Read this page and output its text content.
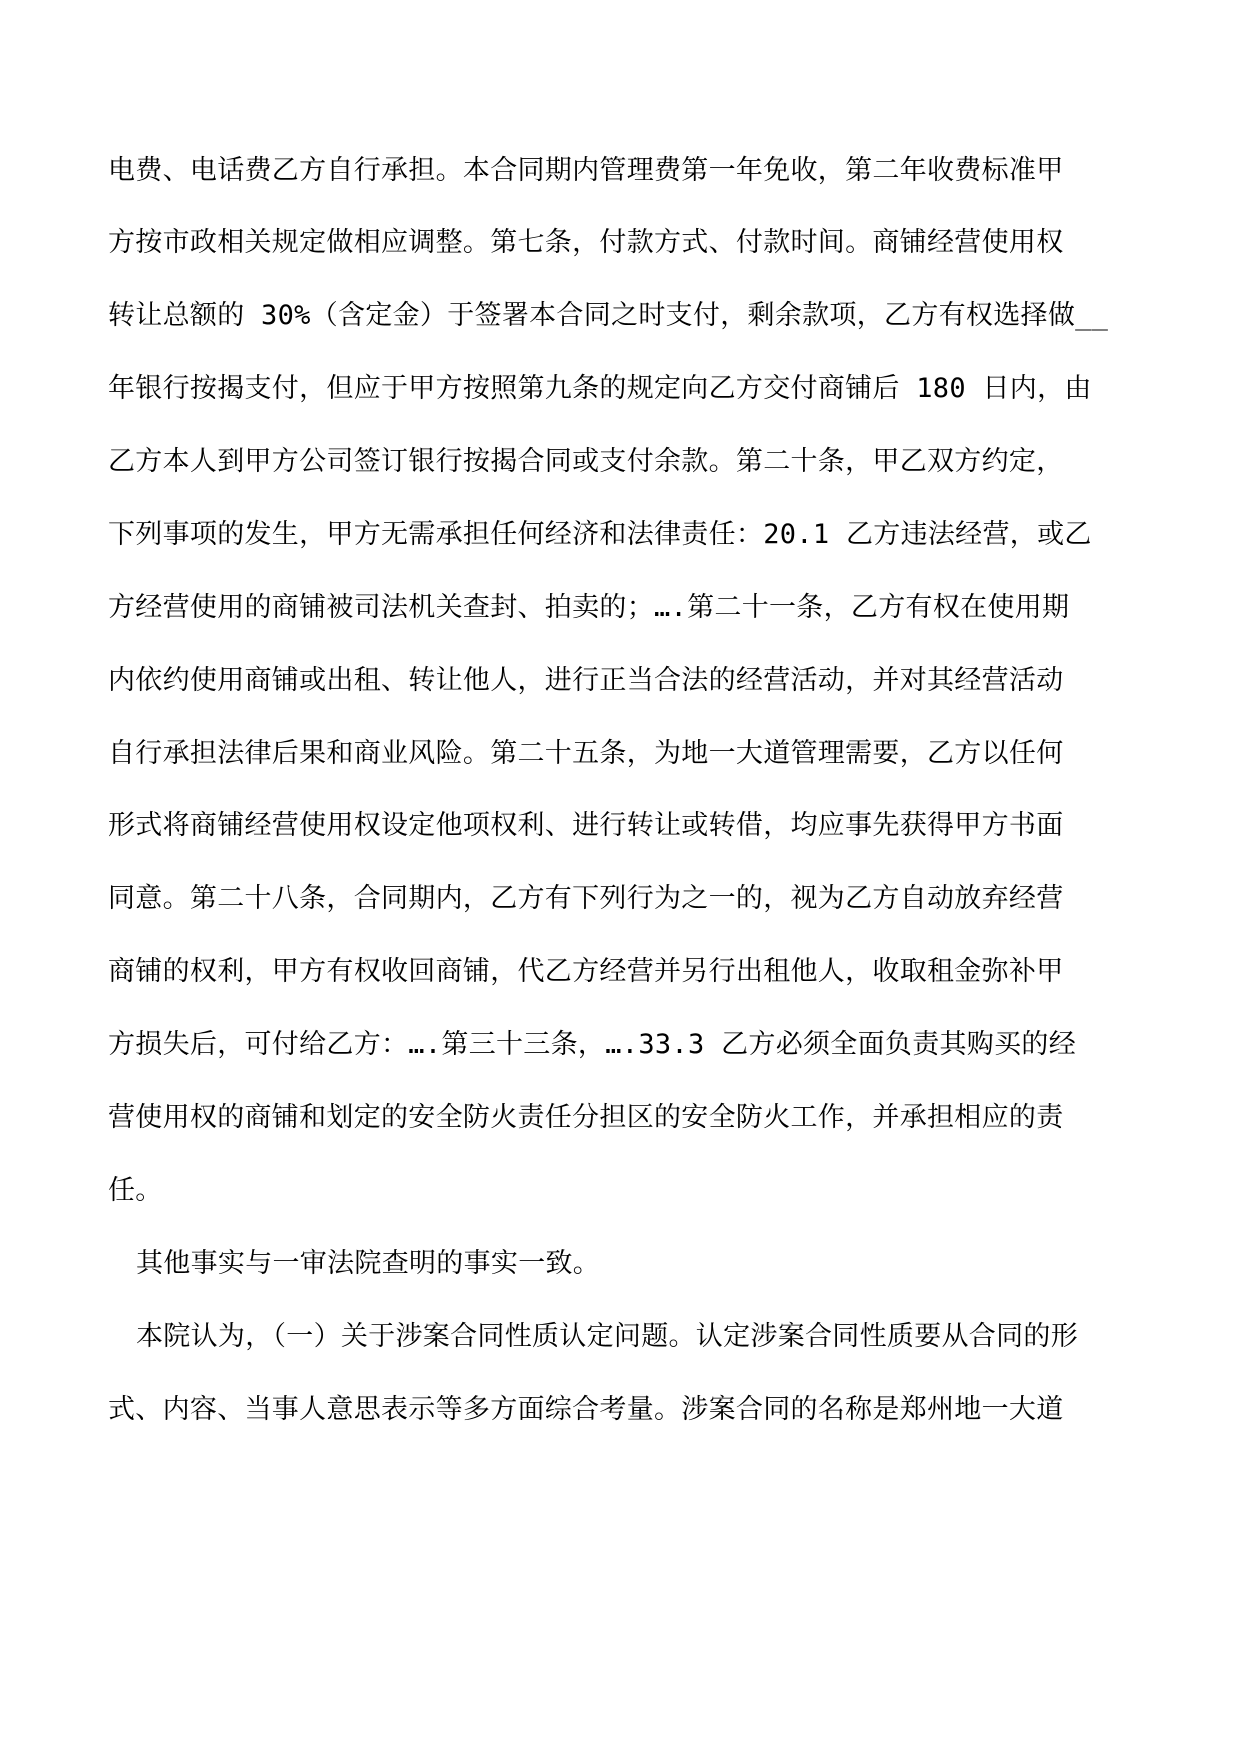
电费、电话费乙方自行承担。本合同期内管理费第一年免收，第二年收费标准甲
方按市政相关规定做相应调整。第七条，付款方式、付款时间。商铺经营使用权
转让总额的 30%（含定金）于签署本合同之时支付，剩余款项，乙方有权选择做__
年银行按揭支付，但应于甲方按照第九条的规定向乙方交付商铺后 180 日内，由
乙方本人到甲方公司签订银行按揭合同或支付余款。第二十条，甲乙双方约定，
下列事项的发生，甲方无需承担任何经济和法律责任：20.1 乙方违法经营，或乙
方经营使用的商铺被司法机关查封、拍卖的；….第二十一条，乙方有权在使用期
内依约使用商铺或出租、转让他人，进行正当合法的经营活动，并对其经营活动
自行承担法律后果和商业风险。第二十五条，为地一大道管理需要，乙方以任何
形式将商铺经营使用权设定他项权利、进行转让或转借，均应事先获得甲方书面
同意。第二十八条，合同期内，乙方有下列行为之一的，视为乙方自动放弃经营
商铺的权利，甲方有权收回商铺，代乙方经营并另行出租他人，收取租金弥补甲
方损失后，可付给乙方：….第三十三条，….33.3 乙方必须全面负责其购买的经
营使用权的商铺和划定的安全防火责任分担区的安全防火工作，并承担相应的责
任。
其他事实与一审法院查明的事实一致。
本院认为，（一）关于涉案合同性质认定问题。认定涉案合同性质要从合同的形
式、内容、当事人意思表示等多方面综合考量。涉案合同的名称是郑州地一大道
